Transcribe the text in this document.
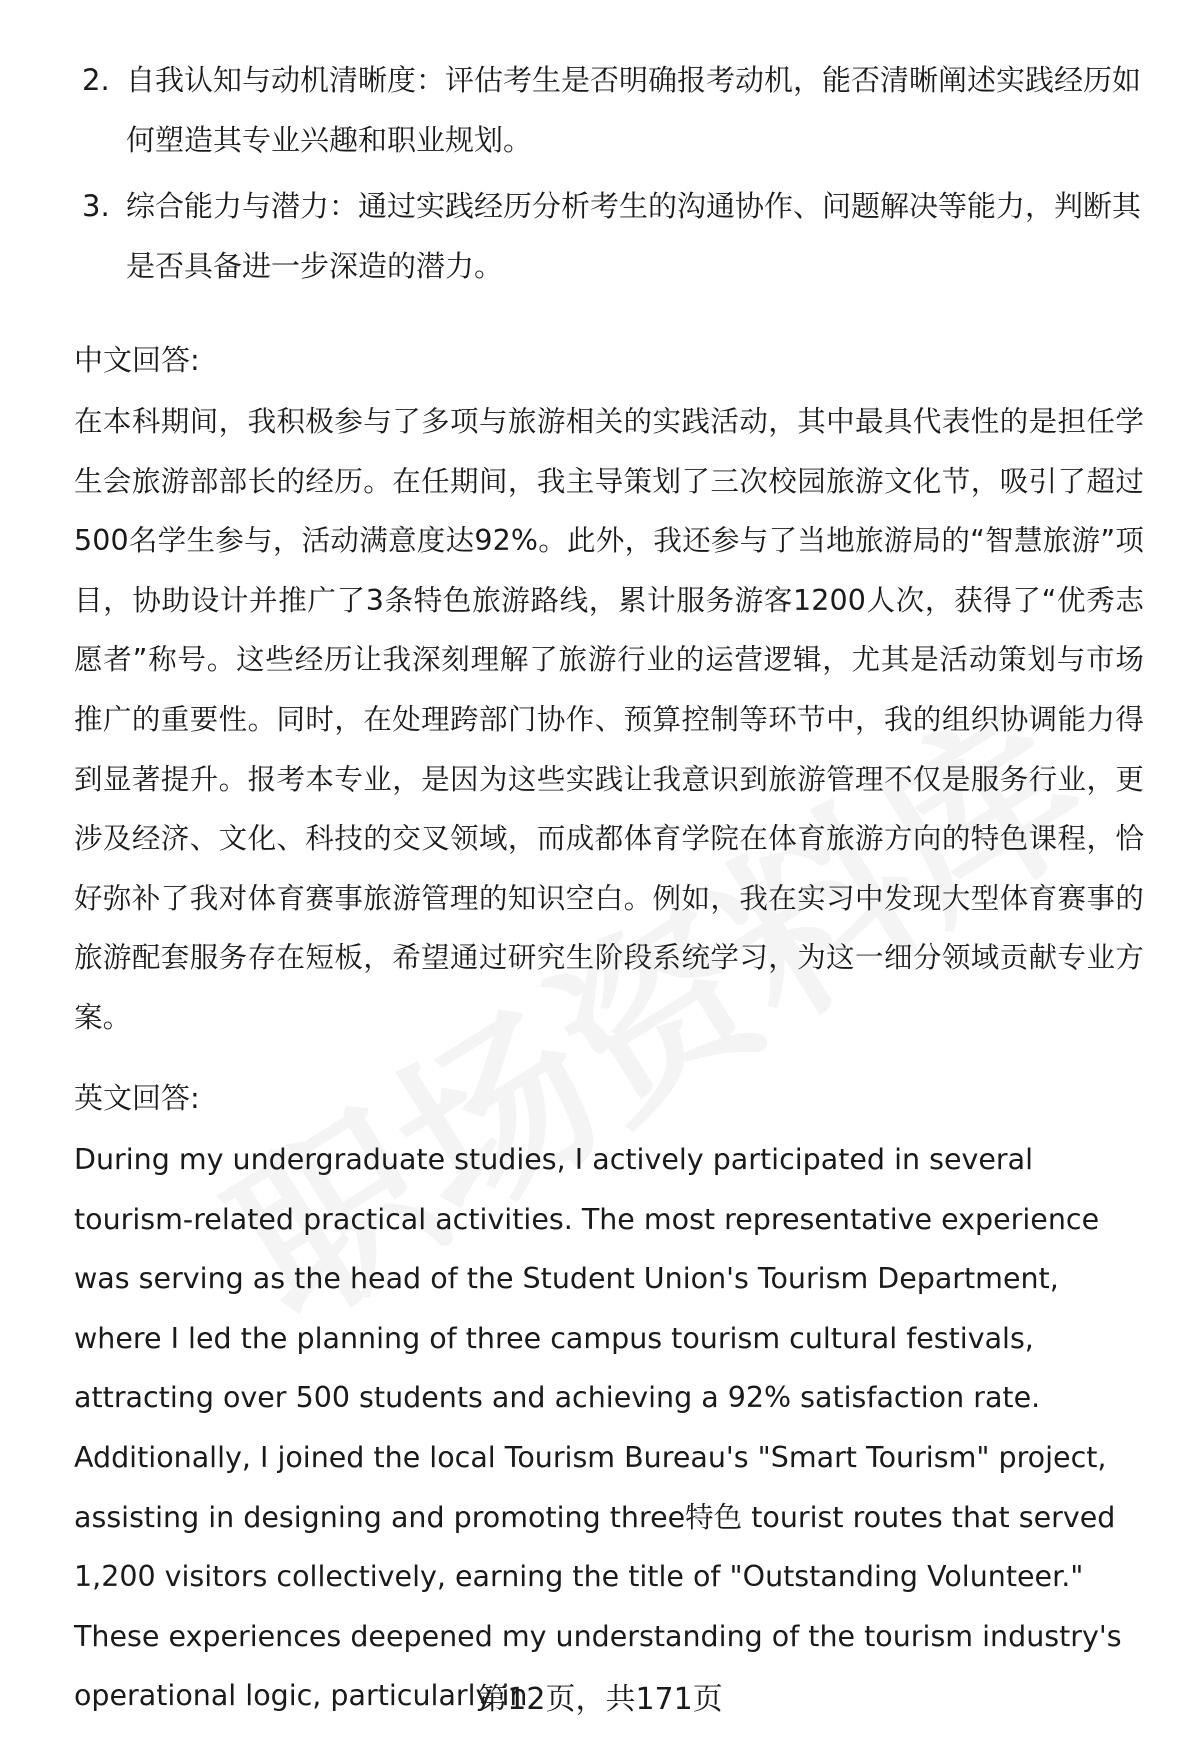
2. 自我认知与动机清晰度：评估考生是否明确报考动机，能否清晰阐述实践经历如何塑造其专业兴趣和职业规划。
3. 综合能力与潜力：通过实践经历分析考生的沟通协作、问题解决等能力，判断其是否具备进一步深造的潜力。
中文回答:
在本科期间，我积极参与了多项与旅游相关的实践活动，其中最具代表性的是担任学生会旅游部部长的经历。在任期间，我主导策划了三次校园旅游文化节，吸引了超过500名学生参与，活动满意度达92%。此外，我还参与了当地旅游局的“智慧旅游”项目，协助设计并推广了3条特色旅游路线，累计服务游客1200人次，获得了“优秀志愿者”称号。这些经历让我深刻理解了旅游行业的运营逻辑，尤其是活动策划与市场推广的重要性。同时，在处理跨部门协作、预算控制等环节中，我的组织协调能力得到显著提升。报考本专业，是因为这些实践让我意识到旅游管理不仅是服务行业，更涉及经济、文化、科技的交叉领域，而成都体育学院在体育旅游方向的特色课程，恰好弥补了我对体育赛事旅游管理的知识空白。例如，我在实习中发现大型体育赛事的旅游配套服务存在短板，希望通过研究生阶段系统学习，为这一细分领域贡献专业方案。
英文回答:
During my undergraduate studies, I actively participated in several tourism-related practical activities. The most representative experience was serving as the head of the Student Union's Tourism Department, where I led the planning of three campus tourism cultural festivals, attracting over 500 students and achieving a 92% satisfaction rate. Additionally, I joined the local Tourism Bureau's "Smart Tourism" project, assisting in designing and promoting three特色 tourist routes that served 1,200 visitors collectively, earning the title of "Outstanding Volunteer." These experiences deepened my understanding of the tourism industry's operational logic, particularly in
第12页，共171页
